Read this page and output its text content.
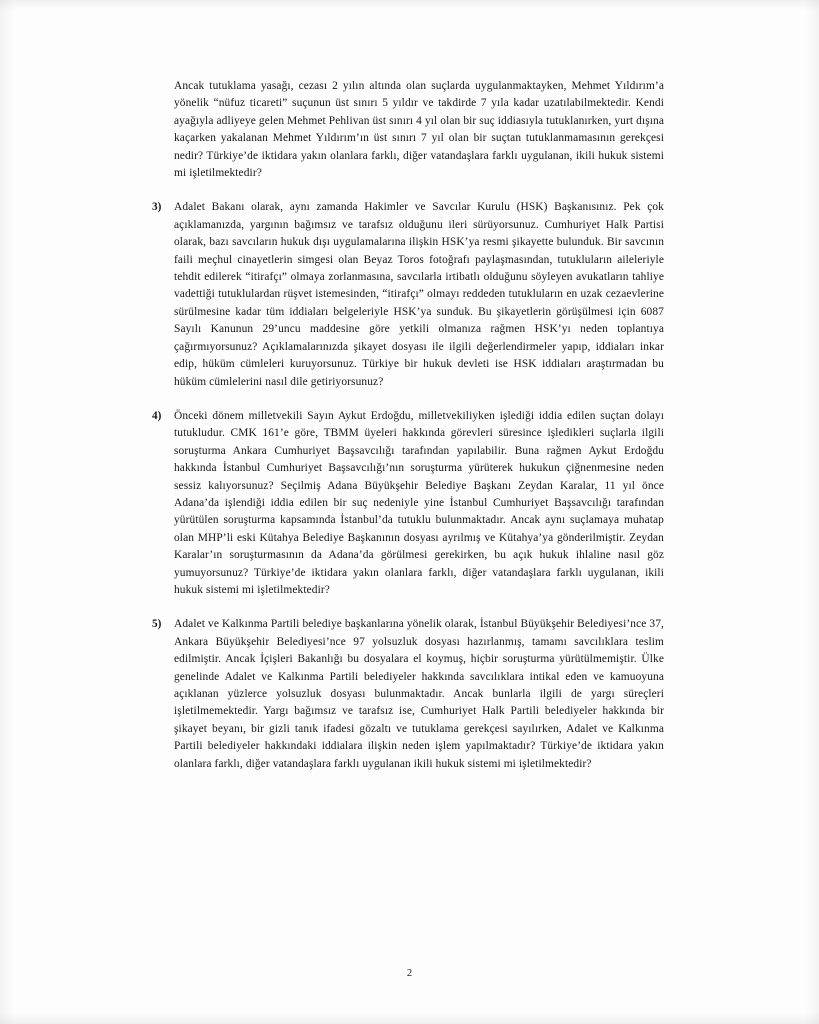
Ancak tutuklama yasağı, cezası 2 yılın altında olan suçlarda uygulanmaktayken, Mehmet Yıldırım’a yönelik “nüfuz ticareti” suçunun üst sınırı 5 yıldır ve takdirde 7 yıla kadar uzatılabilmektedir. Kendi ayağıyla adliyeye gelen Mehmet Pehlivan üst sınırı 4 yıl olan bir suç iddiasıyla tutuklanırken, yurt dışına kaçarken yakalanan Mehmet Yıldırım’ın üst sınırı 7 yıl olan bir suçtan tutuklanmamasının gerekçesi nedir? Türkiye’de iktidara yakın olanlara farklı, diğer vatandaşlara farklı uygulanan, ikili hukuk sistemi mi işletilmektedir?
3)	Adalet Bakanı olarak, aynı zamanda Hakimler ve Savcılar Kurulu (HSK) Başkanısınız. Pek çok açıklamanızda, yargının bağımsız ve tarafsız olduğunu ileri sürüyorsunuz. Cumhuriyet Halk Partisi olarak, bazı savcıların hukuk dışı uygulamalarına ilişkin HSK’ya resmi şikayette bulunduk. Bir savcının faili meçhul cinayetlerin simgesi olan Beyaz Toros fotoğrafı paylaşmasından, tutukluların aileleriyle tehdit edilerek “itirafçı” olmaya zorlanmasına, savcılarla irtibatlı olduğunu söyleyen avukatların tahliye vadettiği tutuklulardan rüşvet istemesinden, “itirafçı” olmayı reddeden tutukluların en uzak cezaevlerine sürülmesine kadar tüm iddiaları belgeleriyle HSK’ya sunduk. Bu şikayetlerin görüşülmesi için 6087 Sayılı Kanunun 29’uncu maddesine göre yetkili olmanıza rağmen HSK’yı neden toplantıya çağırmıyorsunuz? Açıklamalarınızda şikayet dosyası ile ilgili değerlendirmeler yapıp, iddiaları inkar edip, hüküm cümleleri kuruyorsunuz. Türkiye bir hukuk devleti ise HSK iddiaları araştırmadan bu hüküm cümlelerini nasıl dile getiriyorsunuz?
4)	Önceki dönem milletvekili Sayın Aykut Erdoğdu, milletvekiliyken işlediği iddia edilen suçtan dolayı tutukludur. CMK 161’e göre, TBMM üyeleri hakkında görevleri süresince işledikleri suçlarla ilgili soruşturma Ankara Cumhuriyet Başsavcılığı tarafından yapılabilir. Buna rağmen Aykut Erdoğdu hakkında İstanbul Cumhuriyet Başsavcılığı’nın soruşturma yürüterek hukukun çiğnenmesine neden sessiz kalıyorsunuz? Seçilmiş Adana Büyükşehir Belediye Başkanı Zeydan Karalar, 11 yıl önce Adana’da işlendiği iddia edilen bir suç nedeniyle yine İstanbul Cumhuriyet Başsavcılığı tarafından yürütülen soruşturma kapsamında İstanbul’da tutuklu bulunmaktadır. Ancak aynı suçlamaya muhatap olan MHP’li eski Kütahya Belediye Başkanının dosyası ayrılmış ve Kütahya’ya gönderilmiştir. Zeydan Karalar’ın soruşturmasının da Adana’da görülmesi gerekirken, bu açık hukuk ihlaline nasıl göz yumuyorsunuz? Türkiye’de iktidara yakın olanlara farklı, diğer vatandaşlara farklı uygulanan, ikili hukuk sistemi mi işletilmektedir?
5)	Adalet ve Kalkınma Partili belediye başkanlarına yönelik olarak, İstanbul Büyükşehir Belediyesi’nce 37, Ankara Büyükşehir Belediyesi’nce 97 yolsuzluk dosyası hazırlanmış, tamamı savcılıklara teslim edilmiştir. Ancak İçişleri Bakanlığı bu dosyalara el koymuş, hiçbir soruşturma yürütülmemiştir. Ülke genelinde Adalet ve Kalkınma Partili belediyeler hakkında savcılıklara intikal eden ve kamuoyuna açıklanan yüzlerce yolsuzluk dosyası bulunmaktadır. Ancak bunlarla ilgili de yargı süreçleri işletilmemektedir. Yargı bağımsız ve tarafsız ise, Cumhuriyet Halk Partili belediyeler hakkında bir şikayet beyanı, bir gizli tanık ifadesi gözaltı ve tutuklama gerekçesi sayılırken, Adalet ve Kalkınma Partili belediyeler hakkındaki iddialara ilişkin neden işlem yapılmaktadır? Türkiye’de iktidara yakın olanlara farklı, diğer vatandaşlara farklı uygulanan ikili hukuk sistemi mi işletilmektedir?
2
